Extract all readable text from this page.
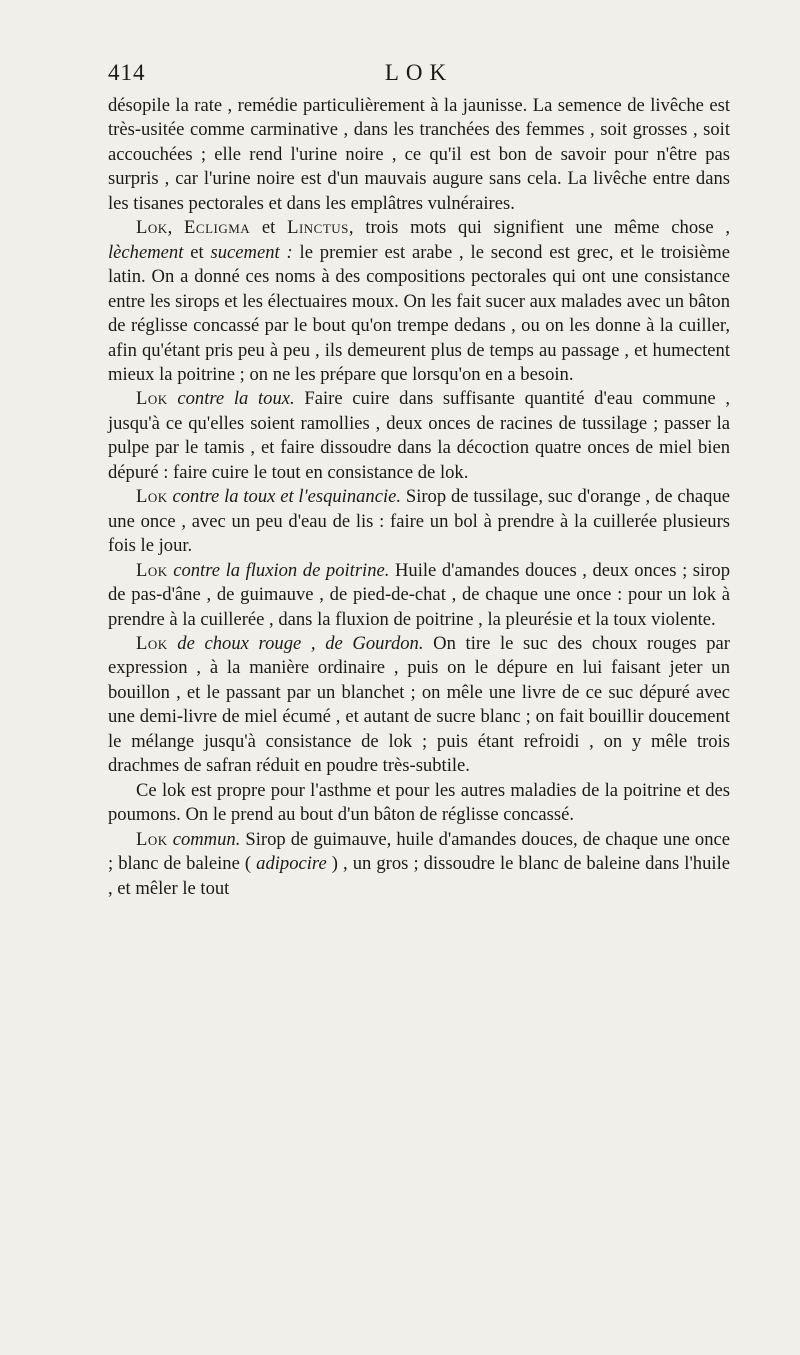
414	LOK

désopile la rate , remédie particulièrement à la jaunisse. La semence de livêche est très-usitée comme carminative , dans les tranchées des femmes , soit grosses , soit accouchées ; elle rend l'urine noire , ce qu'il est bon de savoir pour n'être pas surpris , car l'urine noire est d'un mauvais augure sans cela. La livêche entre dans les tisanes pectorales et dans les emplâtres vulnéraires.

Lok, Ecligma et Linctus, trois mots qui signifient une même chose , lèchement et sucement : le premier est arabe , le second est grec, et le troisième latin. On a donné ces noms à des compositions pectorales qui ont une consistance entre les sirops et les électuaires moux. On les fait sucer aux malades avec un bâton de réglisse concassé par le bout qu'on trempe dedans , ou on les donne à la cuiller, afin qu'étant pris peu à peu , ils demeurent plus de temps au passage , et humectent mieux la poitrine ; on ne les prépare que lorsqu'on en a besoin.

Lok contre la toux. Faire cuire dans suffisante quantité d'eau commune , jusqu'à ce qu'elles soient ramollies , deux onces de racines de tussilage ; passer la pulpe par le tamis , et faire dissoudre dans la décoction quatre onces de miel bien dépuré : faire cuire le tout en consistance de lok.

Lok contre la toux et l'esquinancie. Sirop de tussilage, suc d'orange , de chaque une once , avec un peu d'eau de lis : faire un bol à prendre à la cuillerée plusieurs fois le jour.

Lok contre la fluxion de poitrine. Huile d'amandes douces , deux onces ; sirop de pas-d'âne , de guimauve , de pied-de-chat , de chaque une once : pour un lok à prendre à la cuillerée , dans la fluxion de poitrine , la pleurésie et la toux violente.

Lok de choux rouge , de Gourdon. On tire le suc des choux rouges par expression , à la manière ordinaire , puis on le dépure en lui faisant jeter un bouillon , et le passant par un blanchet ; on mêle une livre de ce suc dépuré avec une demi-livre de miel écumé , et autant de sucre blanc ; on fait bouillir doucement le mélange jusqu'à consistance de lok ; puis étant refroidi , on y mêle trois drachmes de safran réduit en poudre très-subtile.

Ce lok est propre pour l'asthme et pour les autres maladies de la poitrine et des poumons. On le prend au bout d'un bâton de réglisse concassé.

Lok commun. Sirop de guimauve, huile d'amandes douces, de chaque une once ; blanc de baleine ( adipocire ) , un gros ; dissoudre le blanc de baleine dans l'huile , et mêler le tout
